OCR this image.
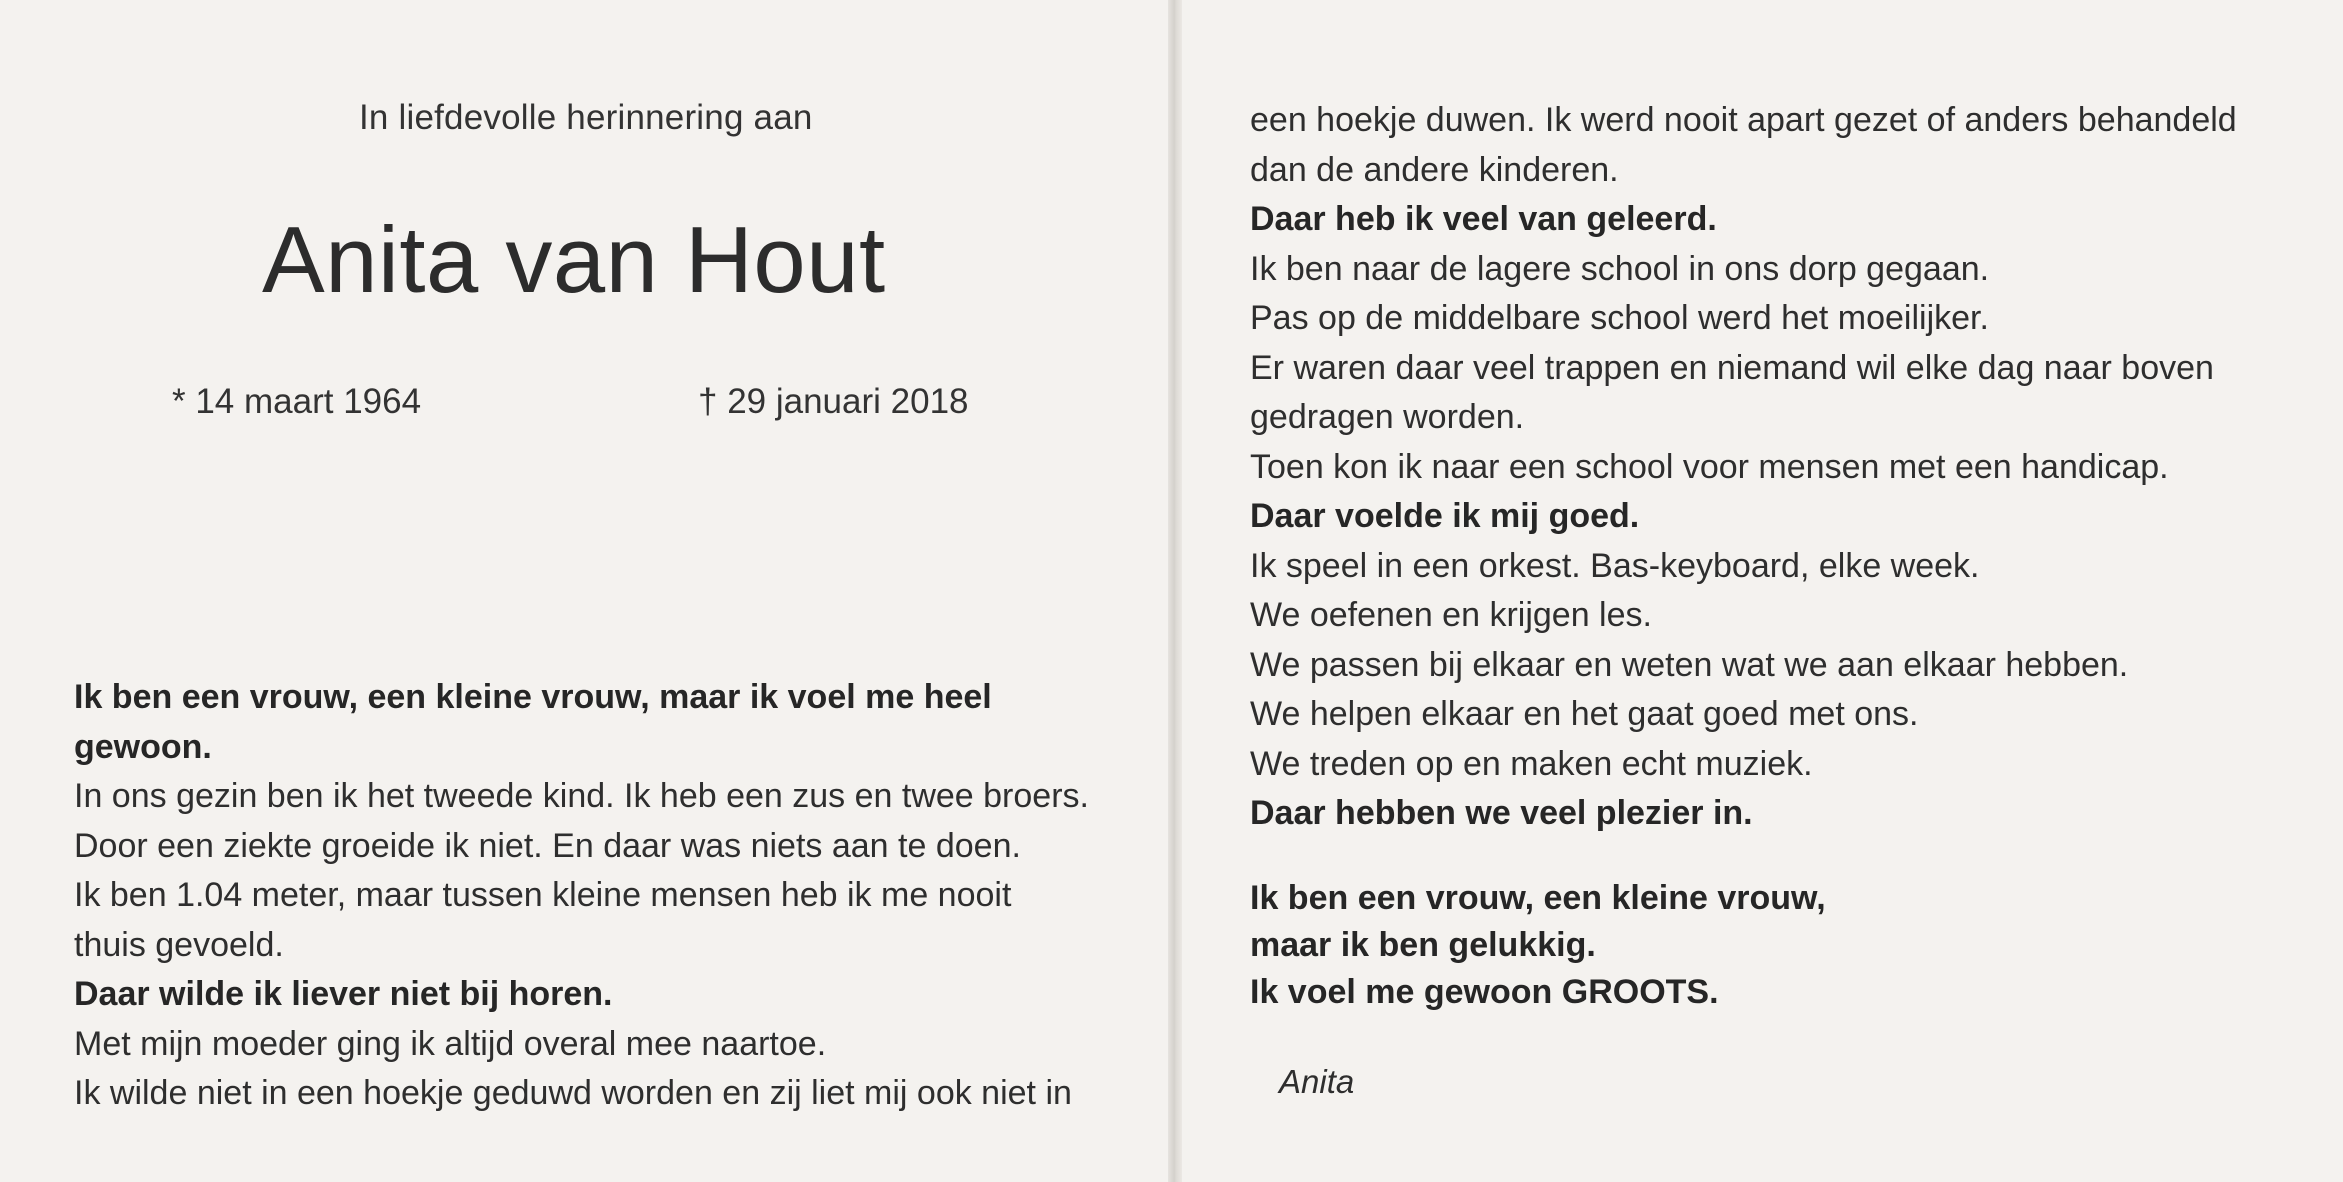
In liefdevolle herinnering aan
Anita van Hout
* 14 maart 1964	† 29 januari 2018
Ik ben een vrouw, een kleine vrouw, maar ik voel me heel
gewoon.
In ons gezin ben ik het tweede kind. Ik heb een zus en twee broers.
Door een ziekte groeide ik niet. En daar was niets aan te doen.
Ik ben 1.04 meter, maar tussen kleine mensen heb ik me nooit
thuis gevoeld.
Daar wilde ik liever niet bij horen.
Met mijn moeder ging ik altijd overal mee naartoe.
Ik wilde niet in een hoekje geduwd worden en zij liet mij ook niet in
een hoekje duwen. Ik werd nooit apart gezet of anders behandeld
dan de andere kinderen.
Daar heb ik veel van geleerd.
Ik ben naar de lagere school in ons dorp gegaan.
Pas op de middelbare school werd het moeilijker.
Er waren daar veel trappen en niemand wil elke dag naar boven
gedragen worden.
Toen kon ik naar een school voor mensen met een handicap.
Daar voelde ik mij goed.
Ik speel in een orkest. Bas-keyboard, elke week.
We oefenen en krijgen les.
We passen bij elkaar en weten wat we aan elkaar hebben.
We helpen elkaar en het gaat goed met ons.
We treden op en maken echt muziek.
Daar hebben we veel plezier in.
Ik ben een vrouw, een kleine vrouw,
maar ik ben gelukkig.
Ik voel me gewoon GROOTS.
Anita
